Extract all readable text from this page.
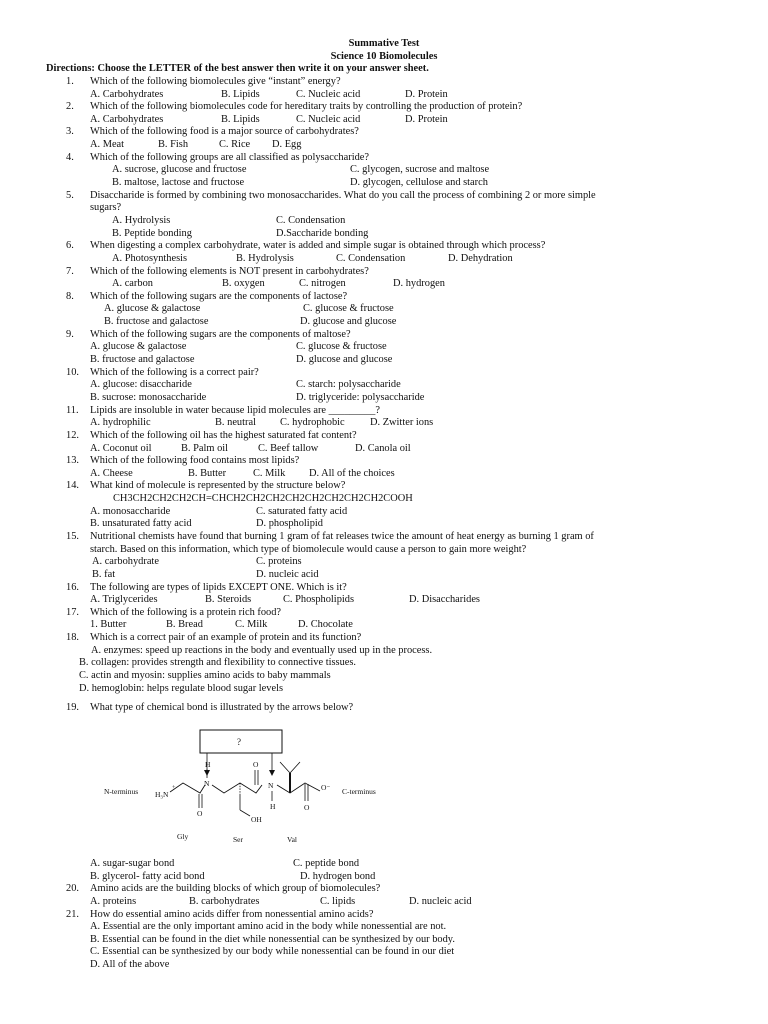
Summative Test
Science 10 Biomolecules
Directions: Choose the LETTER of the best answer then write it on your answer sheet.
1. Which of the following biomolecules give “instant” energy?
A. Carbohydrates	B. Lipids	C. Nucleic acid	D. Protein
2. Which of the following biomolecules code for hereditary traits by controlling the production of protein?
A. Carbohydrates	B. Lipids	C. Nucleic acid	D. Protein
3. Which of the following food is a major source of carbohydrates?
A. Meat	B. Fish	C. Rice D. Egg
4. Which of the following groups are all classified as polysaccharide?
A. sucrose, glucose and fructose	C. glycogen, sucrose and maltose
B. maltose, lactose and fructose	D. glycogen, cellulose and starch
5. Disaccharide is formed by combining two monosaccharides. What do you call the process of combining 2 or more simple
sugars?
A. Hydrolysis	C. Condensation
B. Peptide bonding	D.Saccharide bonding
6. When digesting a complex carbohydrate, water is added and simple sugar is obtained through which process?
A. Photosynthesis	B. Hydrolysis	C. Condensation	D. Dehydration
7. Which of the following elements is NOT present in carbohydrates?
A. carbon	B. oxygen	C. nitrogen	D. hydrogen
8. Which of the following sugars are the components of lactose?
A. glucose & galactose	C. glucose & fructose
B. fructose and galactose	D. glucose and glucose
9. Which of the following sugars are the components of maltose?
A. glucose & galactose	C. glucose & fructose
B. fructose and galactose	D. glucose and glucose
10. Which of the following is a correct pair?
A. glucose: disaccharide	C. starch: polysaccharide
B. sucrose: monosaccharide	D. triglyceride: polysaccharide
11. Lipids are insoluble in water because lipid molecules are _________?
A. hydrophilic	B. neutral C. hydrophobic D. Zwitter ions
12. Which of the following oil has the highest saturated fat content?
A. Coconut oil	B. Palm oil	C. Beef tallow	D. Canola oil
13. Which of the following food contains most lipids?
A. Cheese	B. Butter	C. Milk D. All of the choices
14. What kind of molecule is represented by the structure below?
CH3CH2CH2CH2CH=CHCH2CH2CH2CH2CH2CH2CH2CH2COOH
A. monosaccharide	C. saturated fatty acid
B. unsaturated fatty acid	D. phospholipid
15. Nutritional chemists have found that burning 1 gram of fat releases twice the amount of heat energy as burning 1 gram of
starch. Based on this information, which type of biomolecule would cause a person to gain more weight?
A. carbohydrate	C. proteins
B. fat	D. nucleic acid
16. The following are types of lipids EXCEPT ONE. Which is it?
A. Triglycerides	B. Steroids	C. Phospholipids	D. Disaccharides
17. Which of the following is a protein rich food?
1. Butter	B. Bread	C. Milk	D. Chocolate
18. Which is a correct pair of an example of protein and its function?
A. enzymes: speed up reactions in the body and eventually used up in the process.
B. collagen: provides strength and flexibility to connective tissues.
C. actin and myosin: supplies amino acids to baby mammals
D. hemoglobin: helps regulate blood sugar levels
19. What type of chemical bond is illustrated by the arrows below?
?
N-terminus H₃N
+
H
N
O
OH
O
N
H	O
O⁻ C-terminus
Gly	Ser	Val
A. sugar-sugar bond	C. peptide bond
B. glycerol- fatty acid bond	D. hydrogen bond
20. Amino acids are the building blocks of which group of biomolecules?
A. proteins	B. carbohydrates	C. lipids	D. nucleic acid
21. How do essential amino acids differ from nonessential amino acids?
A. Essential are the only important amino acid in the body while nonessential are not.
B. Essential can be found in the diet while nonessential can be synthesized by our body.
C. Essential can be synthesized by our body while nonessential can be found in our diet
D. All of the above
